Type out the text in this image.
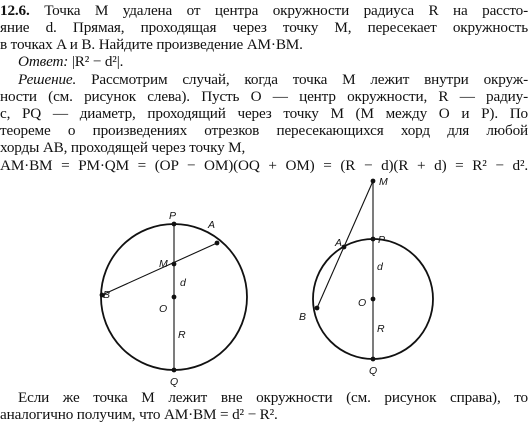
12.6. Точка M удалена от центра окружности радиуса R на рассто-
яние d. Прямая, проходящая через точку M, пересекает окружность
в точках A и B. Найдите произведение AM·BM.
Ответ: |R² − d²|.
Решение. Рассмотрим случай, когда точка M лежит внутри окруж-
ности (см. рисунок слева). Пусть O — центр окружности, R — радиу-
с, PQ — диаметр, проходящий через точку M (M между O и P). По
теореме о произведениях отрезков пересекающихся хорд для любой
хорды AB, проходящей через точку M,
AM·BM = PM·QM = (OP − OM)(OQ + OM) = (R − d)(R + d) = R² − d².
P
A
M
d
B
O
R
Q
M
A	P
d
O
B
R
Q
Если же точка M лежит вне окружности (см. рисунок справа), то
аналогично получим, что AM·BM = d² − R².
